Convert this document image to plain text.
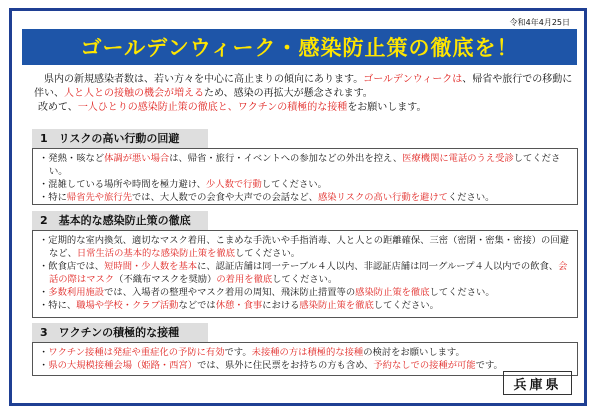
令和4年4月25日
ゴールデンウィーク・感染防止策の徹底を！

県内の新規感染者数は、若い方々を中心に高止まりの傾向にあります。ゴールデンウィークは、帰省や旅行での移動に伴い、人と人との接触の機会が増えるため、感染の再拡大が懸念されます。

改めて、一人ひとりの感染防止策の徹底と、ワクチンの積極的な接種をお願いします。

1　リスクの高い行動の回避

・発熱・咳など体調が悪い場合は、帰省・旅行・イベントへの参加などの外出を控え、医療機関に電話のうえ受診してください。

・混雑している場所や時間を極力避け、少人数で行動してください。

・特に帰省先や旅行先では、大人数での会食や大声での会話など、感染リスクの高い行動を避けてください。

2　基本的な感染防止策の徹底

・定期的な室内換気、適切なマスク着用、こまめな手洗いや手指消毒、人と人との距離確保、三密（密閉・密集・密接）の回避など、日常生活の基本的な感染防止策を徹底してください。

・飲食店では、短時間・少人数を基本に、認証店舗は同一テーブル４人以内、非認証店舗は同一グループ４人以内での飲食、会話の際はマスク（不織布マスクを奨励）の着用を徹底してください。

・多数利用施設では、入場者の整理やマスク着用の周知、飛沫防止措置等の感染防止策を徹底してください。

・特に、職場や学校・クラブ活動などでは休憩・食事における感染防止策を徹底してください。

3　ワクチンの積極的な接種

・ワクチン接種は発症や重症化の予防に有効です。未接種の方は積極的な接種の検討をお願いします。

・県の大規模接種会場（姫路・西宮）では、県外に住民票をお持ちの方も含め、予約なしでの接種が可能です。

兵庫県
